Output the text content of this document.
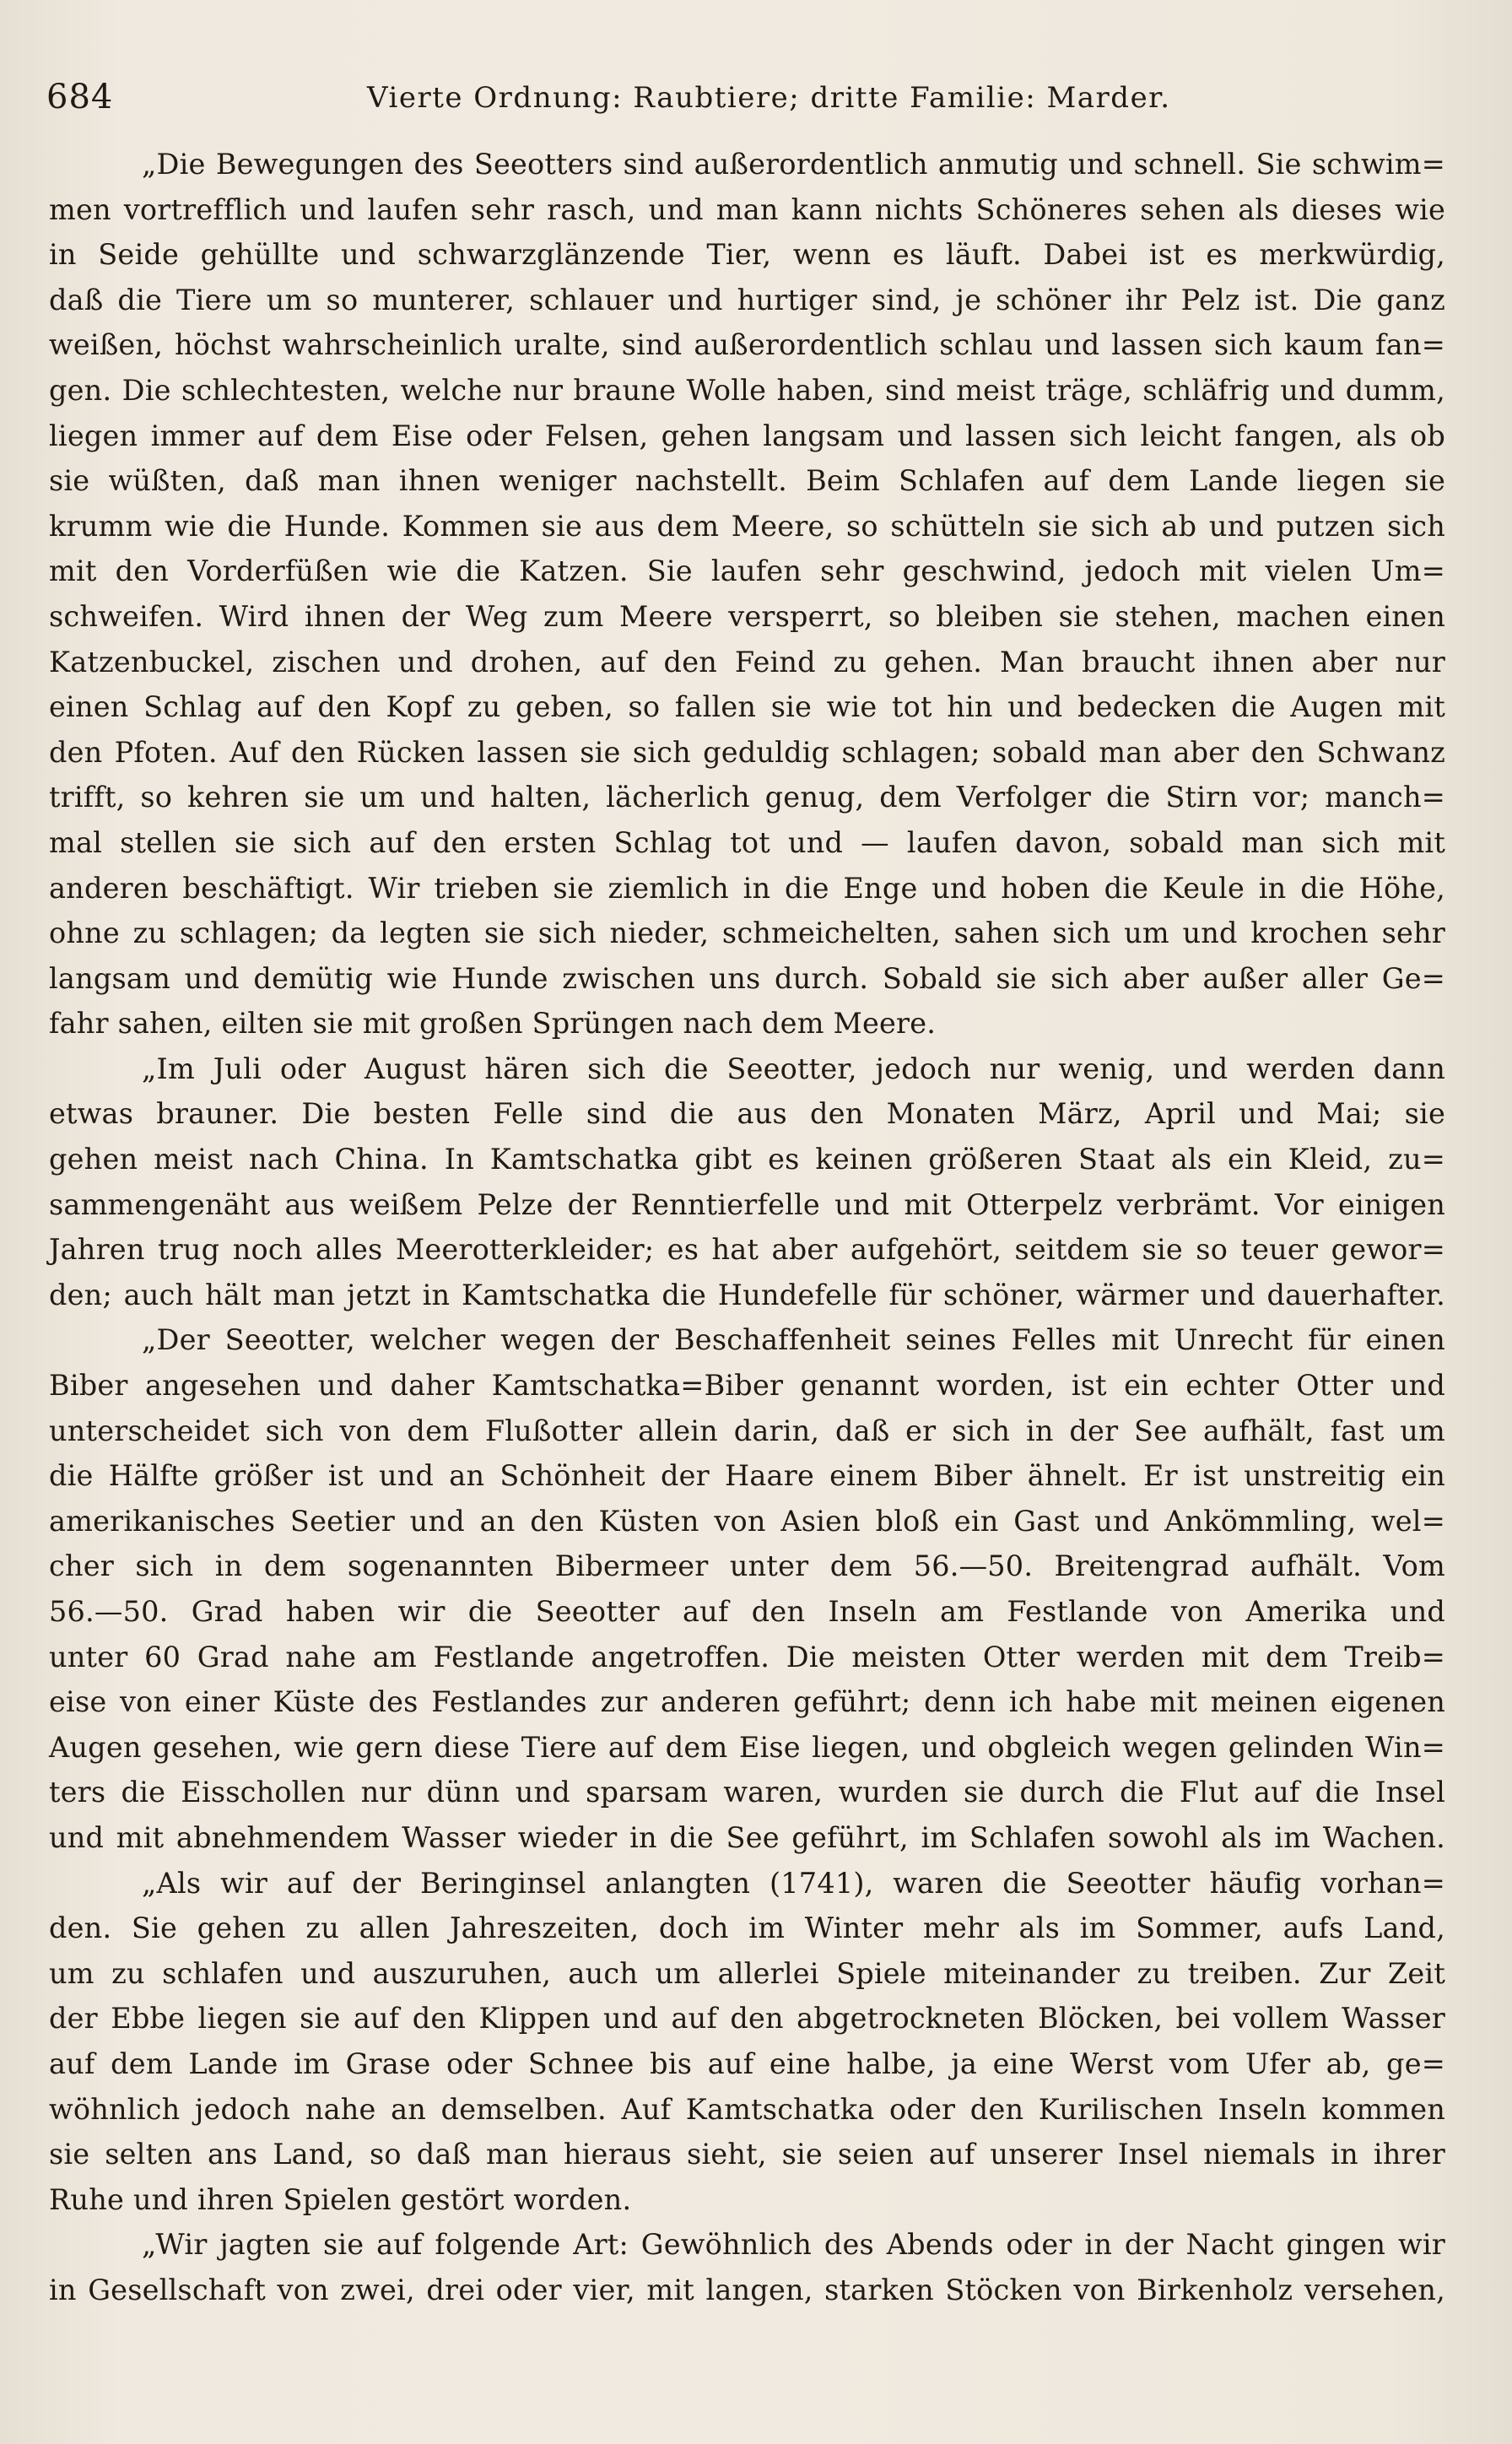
684	Vierte Ordnung: Raubtiere; dritte Familie: Marder.
„Die Bewegungen des Seeotters sind außerordentlich anmutig und schnell. Sie schwim=
men vortrefflich und laufen sehr rasch, und man kann nichts Schöneres sehen als dieses wie
in Seide gehüllte und schwarzglänzende Tier, wenn es läuft. Dabei ist es merkwürdig,
daß die Tiere um so munterer, schlauer und hurtiger sind, je schöner ihr Pelz ist. Die ganz
weißen, höchst wahrscheinlich uralte, sind außerordentlich schlau und lassen sich kaum fan=
gen. Die schlechtesten, welche nur braune Wolle haben, sind meist träge, schläfrig und dumm,
liegen immer auf dem Eise oder Felsen, gehen langsam und lassen sich leicht fangen, als ob
sie wüßten, daß man ihnen weniger nachstellt. Beim Schlafen auf dem Lande liegen sie
krumm wie die Hunde. Kommen sie aus dem Meere, so schütteln sie sich ab und putzen sich
mit den Vorderfüßen wie die Katzen. Sie laufen sehr geschwind, jedoch mit vielen Um=
schweifen. Wird ihnen der Weg zum Meere versperrt, so bleiben sie stehen, machen einen
Katzenbuckel, zischen und drohen, auf den Feind zu gehen. Man braucht ihnen aber nur
einen Schlag auf den Kopf zu geben, so fallen sie wie tot hin und bedecken die Augen mit
den Pfoten. Auf den Rücken lassen sie sich geduldig schlagen; sobald man aber den Schwanz
trifft, so kehren sie um und halten, lächerlich genug, dem Verfolger die Stirn vor; manch=
mal stellen sie sich auf den ersten Schlag tot und — laufen davon, sobald man sich mit
anderen beschäftigt. Wir trieben sie ziemlich in die Enge und hoben die Keule in die Höhe,
ohne zu schlagen; da legten sie sich nieder, schmeichelten, sahen sich um und krochen sehr
langsam und demütig wie Hunde zwischen uns durch. Sobald sie sich aber außer aller Ge=
fahr sahen, eilten sie mit großen Sprüngen nach dem Meere.
„Im Juli oder August hären sich die Seeotter, jedoch nur wenig, und werden dann
etwas brauner. Die besten Felle sind die aus den Monaten März, April und Mai; sie
gehen meist nach China. In Kamtschatka gibt es keinen größeren Staat als ein Kleid, zu=
sammengenäht aus weißem Pelze der Renntierfelle und mit Otterpelz verbrämt. Vor einigen
Jahren trug noch alles Meerotterkleider; es hat aber aufgehört, seitdem sie so teuer gewor=
den; auch hält man jetzt in Kamtschatka die Hundefelle für schöner, wärmer und dauerhafter.
„Der Seeotter, welcher wegen der Beschaffenheit seines Felles mit Unrecht für einen
Biber angesehen und daher Kamtschatka=Biber genannt worden, ist ein echter Otter und
unterscheidet sich von dem Flußotter allein darin, daß er sich in der See aufhält, fast um
die Hälfte größer ist und an Schönheit der Haare einem Biber ähnelt. Er ist unstreitig ein
amerikanisches Seetier und an den Küsten von Asien bloß ein Gast und Ankömmling, wel=
cher sich in dem sogenannten Bibermeer unter dem 56.—50. Breitengrad aufhält. Vom
56.—50. Grad haben wir die Seeotter auf den Inseln am Festlande von Amerika und
unter 60 Grad nahe am Festlande angetroffen. Die meisten Otter werden mit dem Treib=
eise von einer Küste des Festlandes zur anderen geführt; denn ich habe mit meinen eigenen
Augen gesehen, wie gern diese Tiere auf dem Eise liegen, und obgleich wegen gelinden Win=
ters die Eisschollen nur dünn und sparsam waren, wurden sie durch die Flut auf die Insel
und mit abnehmendem Wasser wieder in die See geführt, im Schlafen sowohl als im Wachen.
„Als wir auf der Beringinsel anlangten (1741), waren die Seeotter häufig vorhan=
den. Sie gehen zu allen Jahreszeiten, doch im Winter mehr als im Sommer, aufs Land,
um zu schlafen und auszuruhen, auch um allerlei Spiele miteinander zu treiben. Zur Zeit
der Ebbe liegen sie auf den Klippen und auf den abgetrockneten Blöcken, bei vollem Wasser
auf dem Lande im Grase oder Schnee bis auf eine halbe, ja eine Werst vom Ufer ab, ge=
wöhnlich jedoch nahe an demselben. Auf Kamtschatka oder den Kurilischen Inseln kommen
sie selten ans Land, so daß man hieraus sieht, sie seien auf unserer Insel niemals in ihrer
Ruhe und ihren Spielen gestört worden.
„Wir jagten sie auf folgende Art: Gewöhnlich des Abends oder in der Nacht gingen wir
in Gesellschaft von zwei, drei oder vier, mit langen, starken Stöcken von Birkenholz versehen,
